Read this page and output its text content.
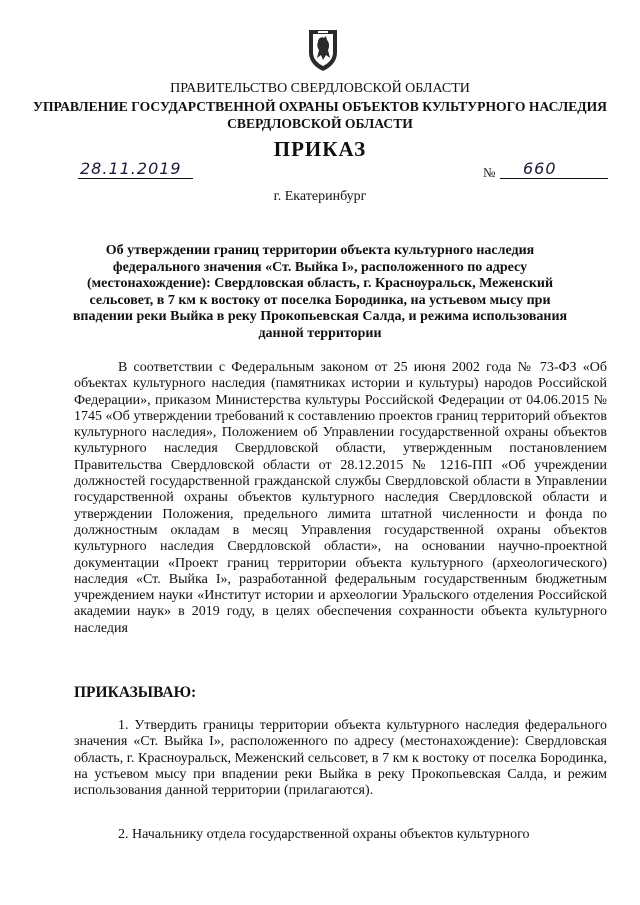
ПРАВИТЕЛЬСТВО СВЕРДЛОВСКОЙ ОБЛАСТИ
УПРАВЛЕНИЕ ГОСУДАРСТВЕННОЙ ОХРАНЫ ОБЪЕКТОВ КУЛЬТУРНОГО НАСЛЕДИЯ
СВЕРДЛОВСКОЙ ОБЛАСТИ
ПРИКАЗ
28.11.2019	№ 660
г. Екатеринбург
Об утверждении границ территории объекта культурного наследия федерального значения «Ст. Выйка I», расположенного по адресу (местонахождение): Свердловская область, г. Красноуральск, Меженский сельсовет, в 7 км к востоку от поселка Бородинка, на устьевом мысу при впадении реки Выйка в реку Прокопьевская Салда, и режима использования данной территории
В соответствии с Федеральным законом от 25 июня 2002 года № 73-ФЗ «Об объектах культурного наследия (памятниках истории и культуры) народов Российской Федерации», приказом Министерства культуры Российской Федерации от 04.06.2015 № 1745 «Об утверждении требований к составлению проектов границ территорий объектов культурного наследия», Положением об Управлении государственной охраны объектов культурного наследия Свердловской области, утвержденным постановлением Правительства Свердловской области от 28.12.2015 № 1216-ПП «Об учреждении должностей государственной гражданской службы Свердловской области в Управлении государственной охраны объектов культурного наследия Свердловской области и утверждении Положения, предельного лимита штатной численности и фонда по должностным окладам в месяц Управления государственной охраны объектов культурного наследия Свердловской области», на основании научно-проектной документации «Проект границ территории объекта культурного (археологического) наследия «Ст. Выйка I», разработанной федеральным государственным бюджетным учреждением науки «Институт истории и археологии Уральского отделения Российской академии наук» в 2019 году, в целях обеспечения сохранности объекта культурного наследия
ПРИКАЗЫВАЮ:
1. Утвердить границы территории объекта культурного наследия федерального значения «Ст. Выйка I», расположенного по адресу (местонахождение): Свердловская область, г. Красноуральск, Меженский сельсовет, в 7 км к востоку от поселка Бородинка, на устьевом мысу при впадении реки Выйка в реку Прокопьевская Салда, и режим использования данной территории (прилагаются).
2. Начальнику отдела государственной охраны объектов культурного
